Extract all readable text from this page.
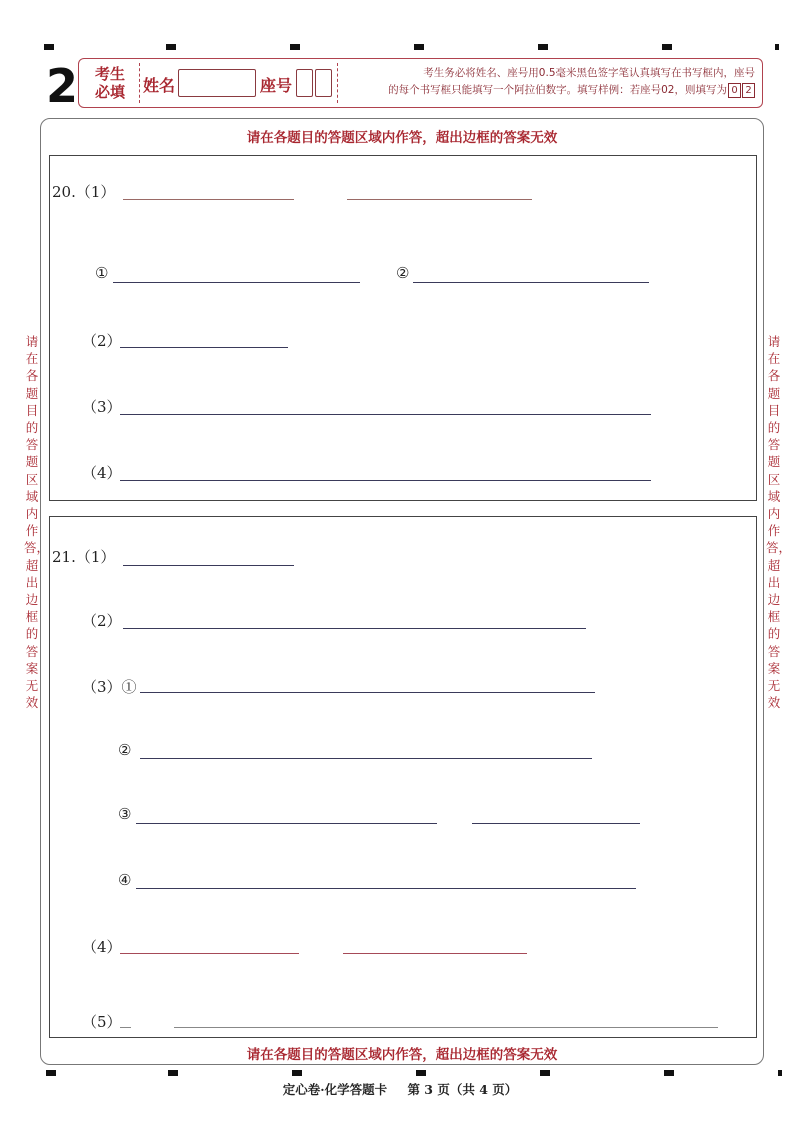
2	考生
必填	姓名	座号
考生务必将姓名、座号用0.5毫米黑色签字笔认真填写在书写框内，座号
的每个书写框只能填写一个阿拉伯数字。填写样例：若座号02，则填写为 0 2
请在各题目的答题区域内作答，超出边框的答案无效
请在各题目的答题区域内作答，超出边框的答案无效
请在各题目的答题区域内作答，超出边框的答案无效
请在各题目的答题区域内作答，超出边框的答案无效
20.（1）
①	②
（2）
（3）
（4）
21.（1）
（2）
（3）①
②
③
④
（4）
（5）
定心卷·化学答题卡 第 3 页（共 4 页）
